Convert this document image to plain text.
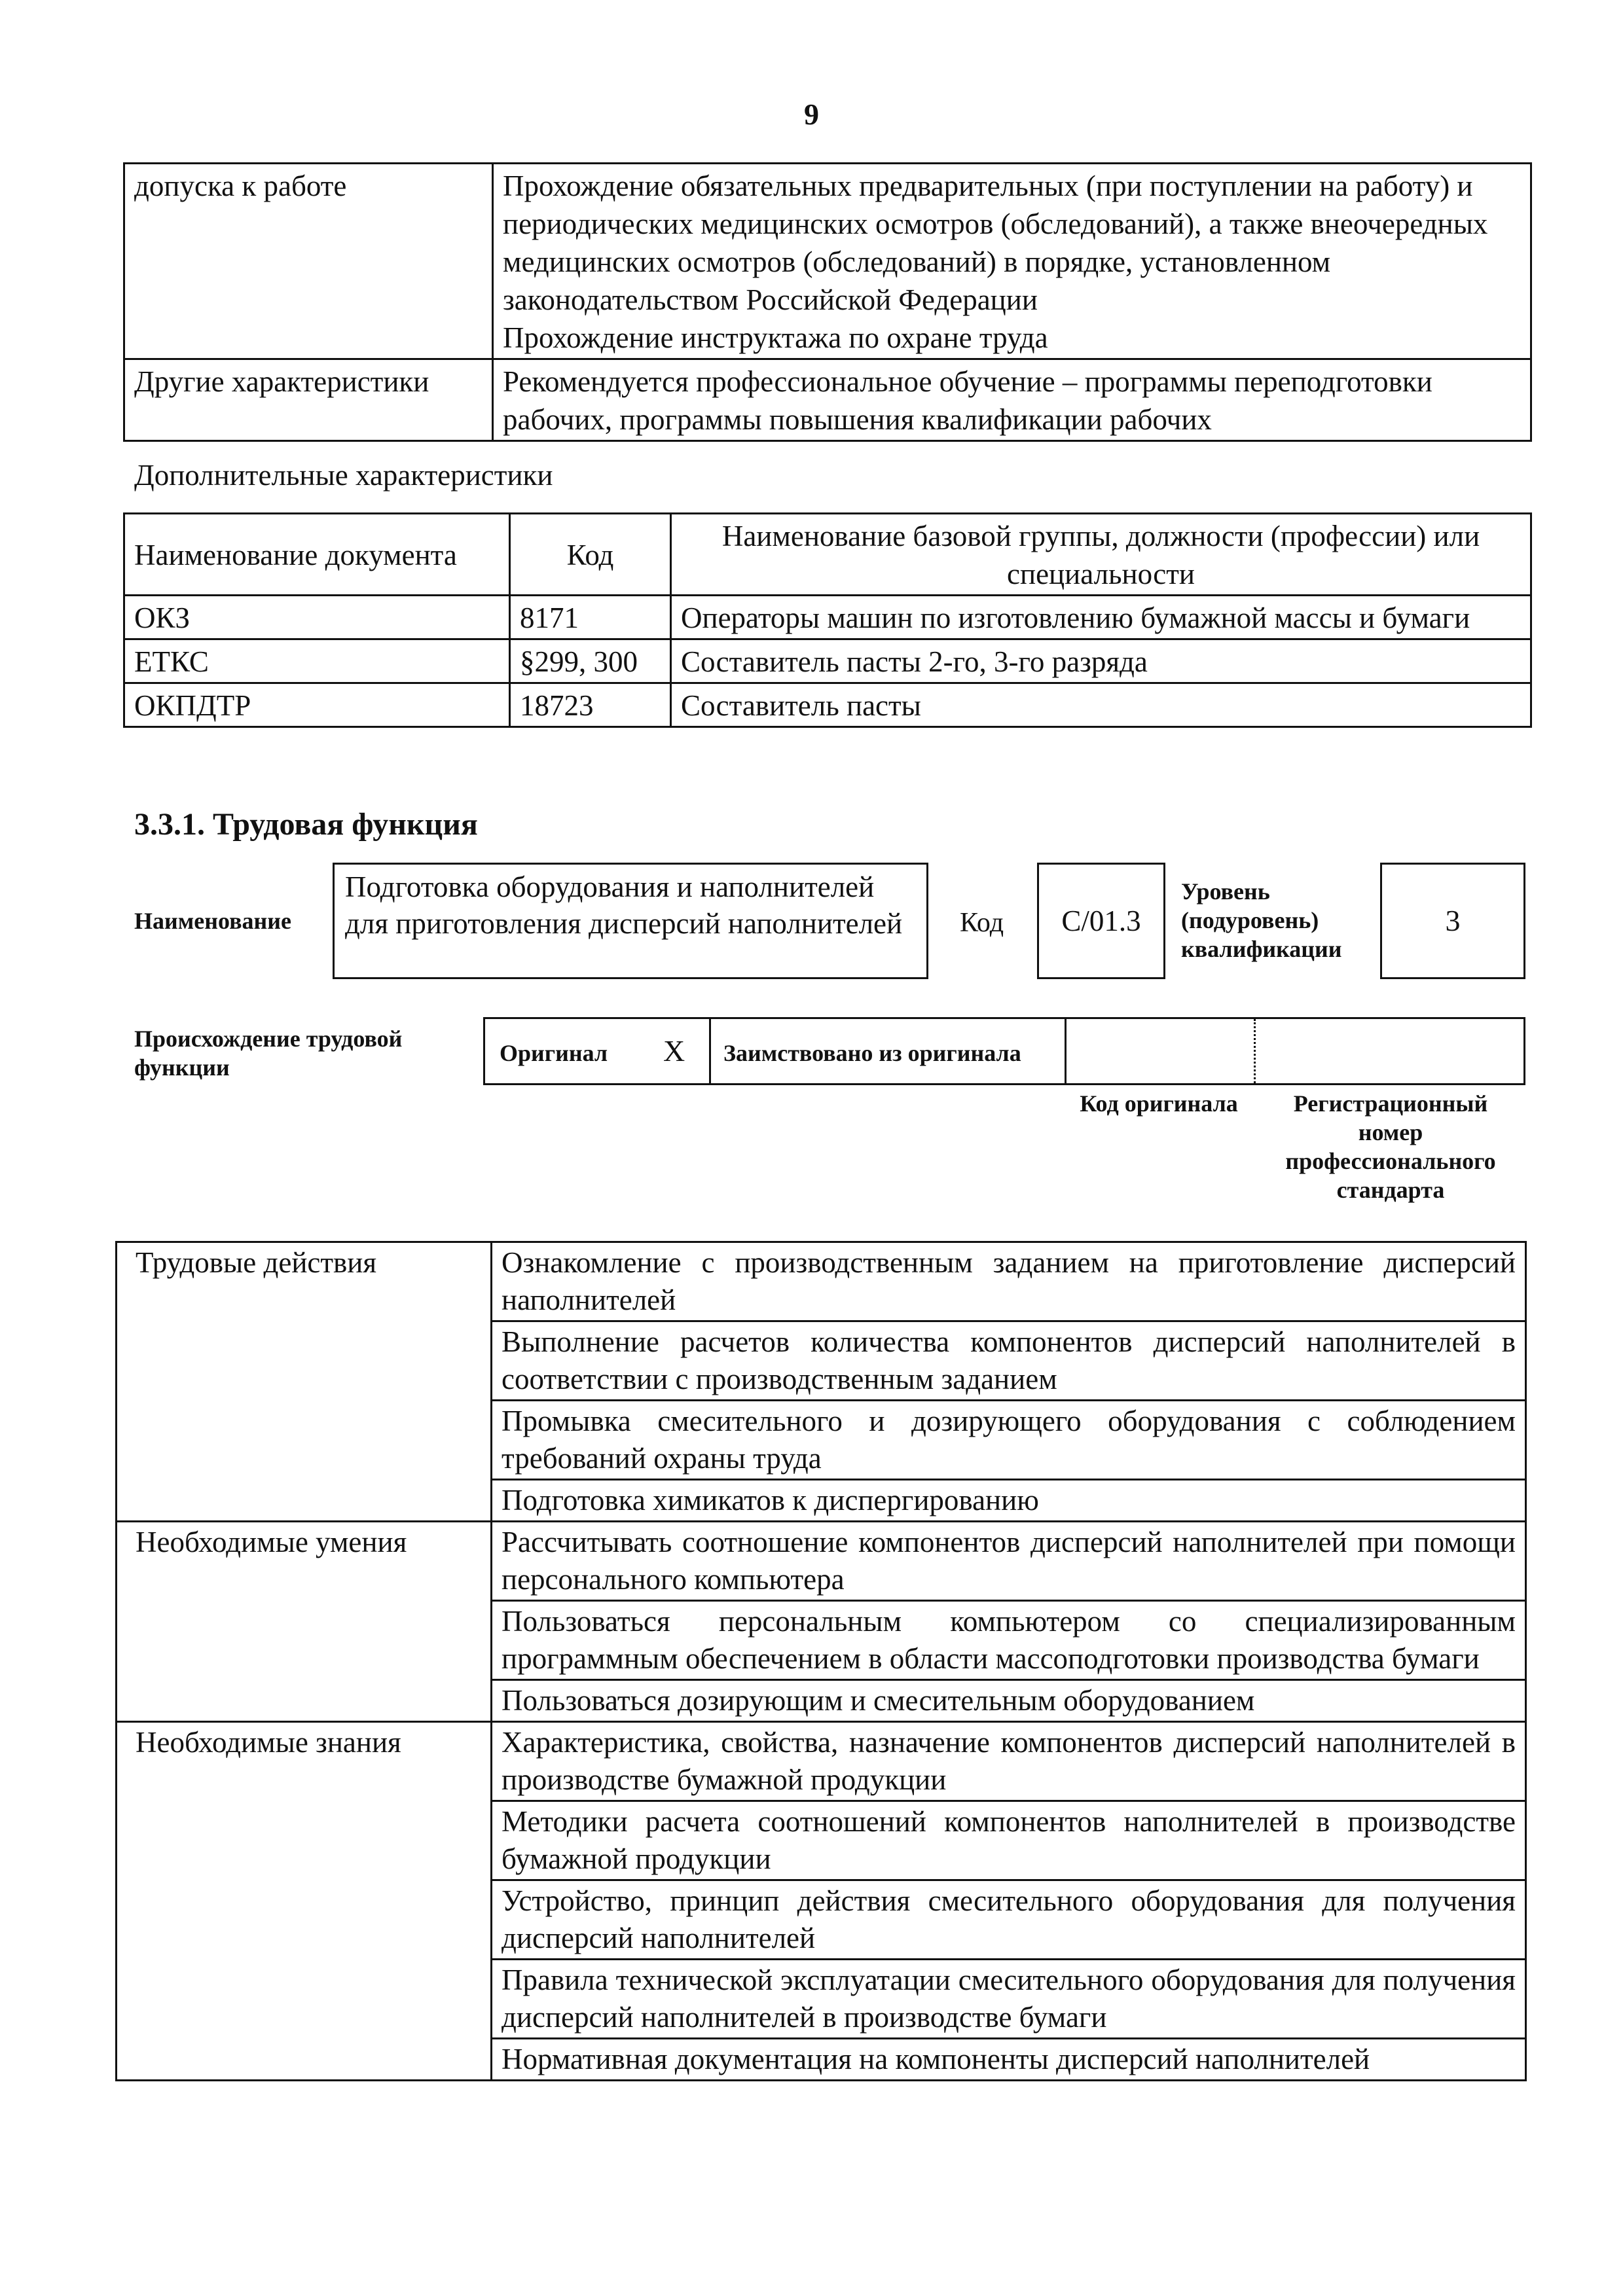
9
допуска к работе	Прохождение обязательных предварительных (при поступлении на работу) и периодических медицинских осмотров (обследований), а также внеочередных медицинских осмотров (обследований) в порядке, установленном законодательством Российской Федерации
Прохождение инструктажа по охране труда

Другие характеристики	Рекомендуется профессиональное обучение – программы переподготовки рабочих, программы повышения квалификации рабочих
Дополнительные характеристики
Наименование документа	Код	Наименование базовой группы, должности (профессии) или специальности
ОКЗ	8171	Операторы машин по изготовлению бумажной массы и бумаги
ЕТКС	§299, 300	Составитель пасты 2-го, 3-го разряда
ОКПДТР	18723	Составитель пасты
3.3.1. Трудовая функция
Наименование
Подготовка оборудования и наполнителей для приготовления дисперсий наполнителей	Код	C/01.3
Уровень (подуровень) квалификации
3
Происхождение трудовой функции
Оригинал X Заимствовано из оригинала
Код оригинала	Регистрационный номер профессионального стандарта
Трудовые действия	Ознакомление с производственным заданием на приготовление дисперсий наполнителей
	Выполнение расчетов количества компонентов дисперсий наполнителей в соответствии с производственным заданием
	Промывка смесительного и дозирующего оборудования с соблюдением требований охраны труда
	Подготовка химикатов к диспергированию
Необходимые умения	Рассчитывать соотношение компонентов дисперсий наполнителей при помощи персонального компьютера
	Пользоваться персональным компьютером со специализированным программным обеспечением в области массоподготовки производства бумаги
	Пользоваться дозирующим и смесительным оборудованием
Необходимые знания	Характеристика, свойства, назначение компонентов дисперсий наполнителей в производстве бумажной продукции
	Методики расчета соотношений компонентов наполнителей в производстве бумажной продукции
	Устройство, принцип действия смесительного оборудования для получения дисперсий наполнителей
	Правила технической эксплуатации смесительного оборудования для получения дисперсий наполнителей в производстве бумаги
	Нормативная документация на компоненты дисперсий наполнителей
